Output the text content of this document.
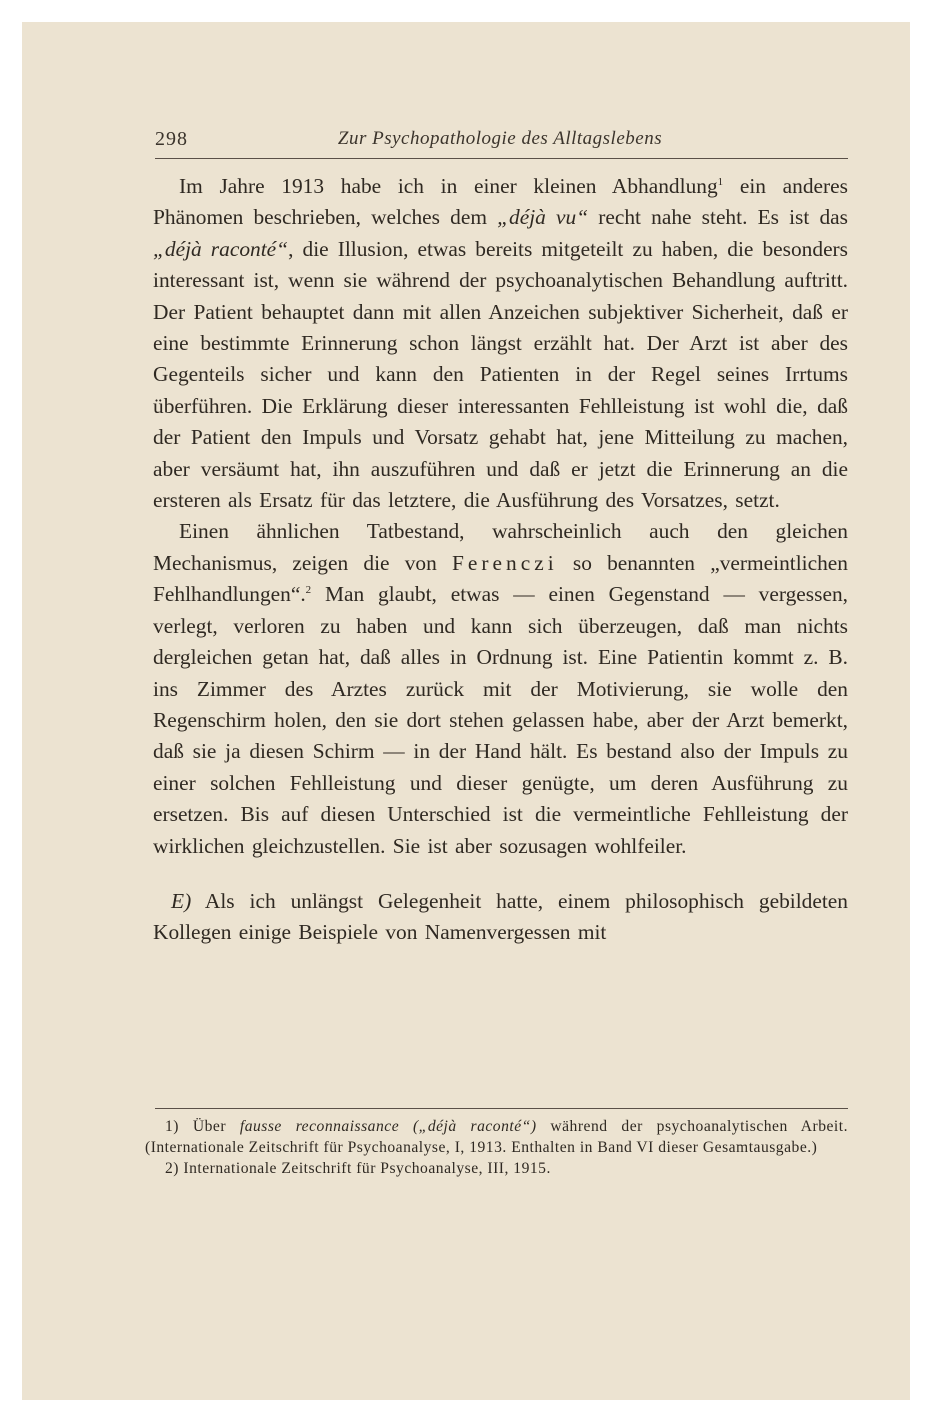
298	Zur Psychopathologie des Alltagslebens

Im Jahre 1913 habe ich in einer kleinen Abhandlung$^1$ ein anderes Phänomen beschrieben, welches dem „déjà vu“ recht nahe steht. Es ist das „déjà raconté“, die Illusion, etwas bereits mitgeteilt zu haben, die besonders interessant ist, wenn sie während der psychoanalytischen Behandlung auftritt. Der Patient behauptet dann mit allen Anzeichen subjektiver Sicherheit, daß er eine bestimmte Erinnerung schon längst erzählt hat. Der Arzt ist aber des Gegenteils sicher und kann den Patienten in der Regel seines Irrtums überführen. Die Erklärung dieser interessanten Fehlleistung ist wohl die, daß der Patient den Impuls und Vorsatz gehabt hat, jene Mitteilung zu machen, aber versäumt hat, ihn auszuführen und daß er jetzt die Erinnerung an die ersteren als Ersatz für das letztere, die Ausführung des Vorsatzes, setzt.

Einen ähnlichen Tatbestand, wahrscheinlich auch den gleichen Mechanismus, zeigen die von Ferenczi so benannten „vermeintlichen Fehlhandlungen“.$^2$ Man glaubt, etwas — einen Gegenstand — vergessen, verlegt, verloren zu haben und kann sich überzeugen, daß man nichts dergleichen getan hat, daß alles in Ordnung ist. Eine Patientin kommt z. B. ins Zimmer des Arztes zurück mit der Motivierung, sie wolle den Regenschirm holen, den sie dort stehen gelassen habe, aber der Arzt bemerkt, daß sie ja diesen Schirm — in der Hand hält. Es bestand also der Impuls zu einer solchen Fehlleistung und dieser genügte, um deren Ausführung zu ersetzen. Bis auf diesen Unterschied ist die vermeintliche Fehlleistung der wirklichen gleichzustellen. Sie ist aber sozusagen wohlfeiler.

E) Als ich unlängst Gelegenheit hatte, einem philosophisch gebildeten Kollegen einige Beispiele von Namenvergessen mit

1) Über fausse reconnaissance („déjà raconté“) während der psychoanalytischen Arbeit. (Internationale Zeitschrift für Psychoanalyse, I, 1913. Enthalten in Band VI dieser Gesamtausgabe.)

2) Internationale Zeitschrift für Psychoanalyse, III, 1915.
